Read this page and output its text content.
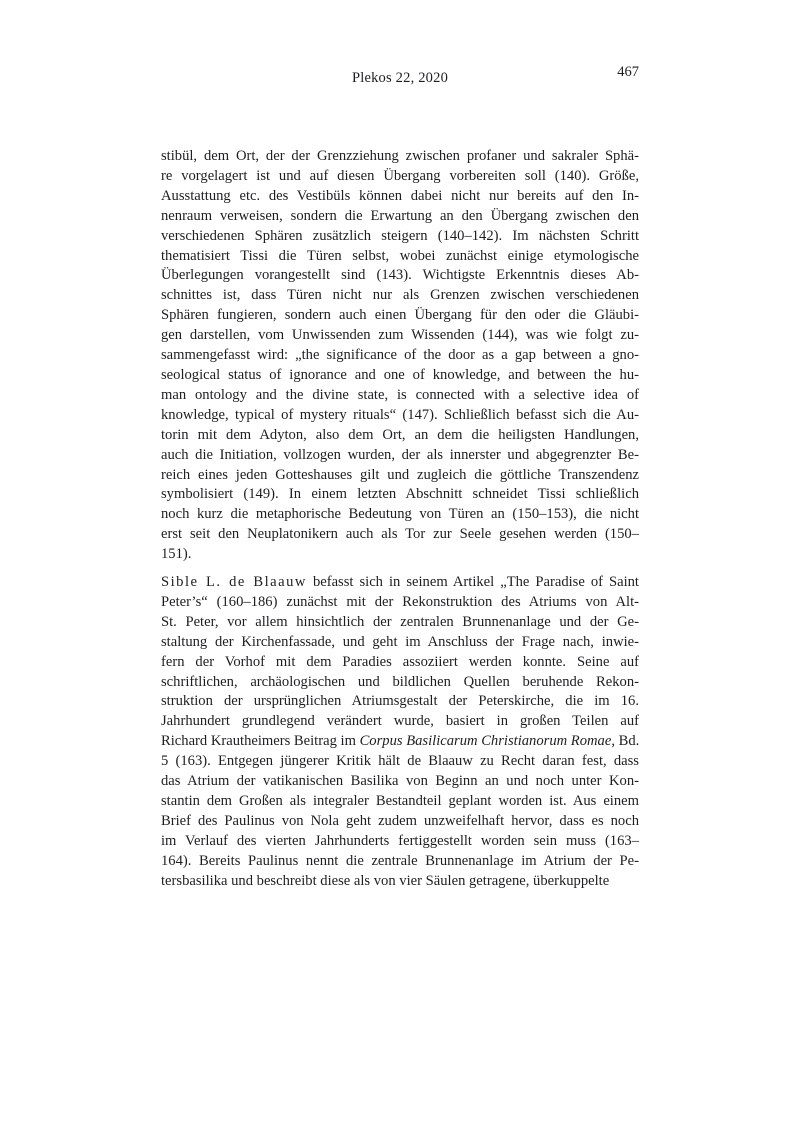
Plekos 22, 2020	467
stibül, dem Ort, der der Grenzziehung zwischen profaner und sakraler Sphä-
re vorgelagert ist und auf diesen Übergang vorbereiten soll (140). Größe,
Ausstattung etc. des Vestibüls können dabei nicht nur bereits auf den In-
nenraum verweisen, sondern die Erwartung an den Übergang zwischen den
verschiedenen Sphären zusätzlich steigern (140–142). Im nächsten Schritt
thematisiert Tissi die Türen selbst, wobei zunächst einige etymologische
Überlegungen vorangestellt sind (143). Wichtigste Erkenntnis dieses Ab-
schnittes ist, dass Türen nicht nur als Grenzen zwischen verschiedenen
Sphären fungieren, sondern auch einen Übergang für den oder die Gläubi-
gen darstellen, vom Unwissenden zum Wissenden (144), was wie folgt zu-
sammengefasst wird: „the significance of the door as a gap between a gno-
seological status of ignorance and one of knowledge, and between the hu-
man ontology and the divine state, is connected with a selective idea of
knowledge, typical of mystery rituals“ (147). Schließlich befasst sich die Au-
torin mit dem Adyton, also dem Ort, an dem die heiligsten Handlungen,
auch die Initiation, vollzogen wurden, der als innerster und abgegrenzter Be-
reich eines jeden Gotteshauses gilt und zugleich die göttliche Transzendenz
symbolisiert (149). In einem letzten Abschnitt schneidet Tissi schließlich
noch kurz die metaphorische Bedeutung von Türen an (150–153), die nicht
erst seit den Neuplatonikern auch als Tor zur Seele gesehen werden (150–
151).
Sible L. de Blaauw befasst sich in seinem Artikel „The Paradise of Saint
Peter’s“ (160–186) zunächst mit der Rekonstruktion des Atriums von Alt-
St. Peter, vor allem hinsichtlich der zentralen Brunnenanlage und der Ge-
staltung der Kirchenfassade, und geht im Anschluss der Frage nach, inwie-
fern der Vorhof mit dem Paradies assoziiert werden konnte. Seine auf
schriftlichen, archäologischen und bildlichen Quellen beruhende Rekon-
struktion der ursprünglichen Atriumsgestalt der Peterskirche, die im 16.
Jahrhundert grundlegend verändert wurde, basiert in großen Teilen auf
Richard Krautheimers Beitrag im Corpus Basilicarum Christianorum Romae, Bd.
5 (163). Entgegen jüngerer Kritik hält de Blaauw zu Recht daran fest, dass
das Atrium der vatikanischen Basilika von Beginn an und noch unter Kon-
stantin dem Großen als integraler Bestandteil geplant worden ist. Aus einem
Brief des Paulinus von Nola geht zudem unzweifelhaft hervor, dass es noch
im Verlauf des vierten Jahrhunderts fertiggestellt worden sein muss (163–
164). Bereits Paulinus nennt die zentrale Brunnenanlage im Atrium der Pe-
tersbasilika und beschreibt diese als von vier Säulen getragene, überkuppelte
